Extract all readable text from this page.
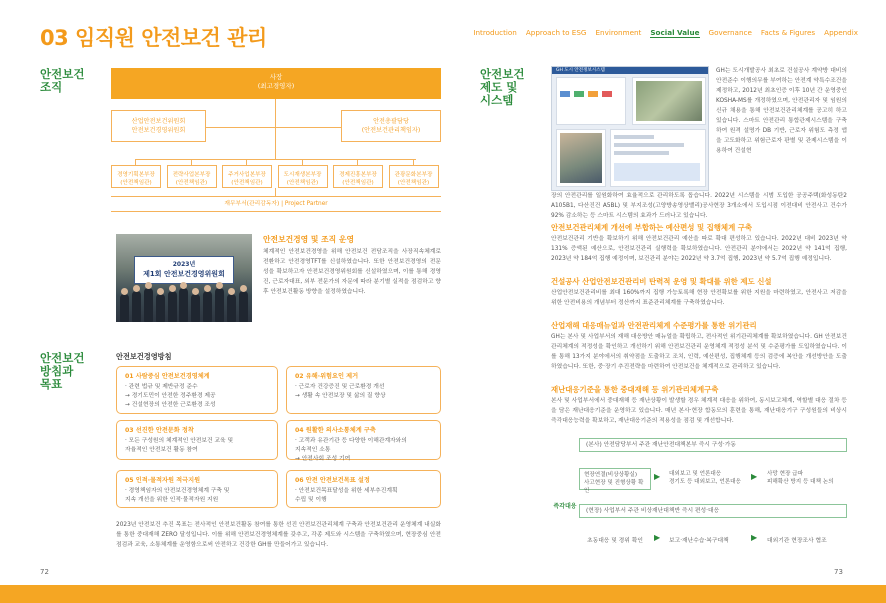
03 임직원 안전보건 관리	Introduction Approach to ESG Environment Social Value Governance Facts & Figures Appendix
안전보건
조직
사장
(최고경영자)
산업안전보건위원회
안전보건경영위원회
안전총괄담당
(안전보건관리책임자)
경영기획본부장
(안전책임관)
전략사업본부장
(안전책임관)
주거사업본부장
(안전책임관)
도시재생본부장
(안전책임관)
경제진흥본부장
(안전책임관)
관광문화본부장
(안전책임관)
재무부서(관리감독자) | Project Partner
2023년
제1회 안전보건경영위원회
안전보건경영 및 조직 운영
체계적인 안전보건경영을 위해 안전보건 전담조직을 사장직속체계로 전환하고 안전경영TFT를 신설하였습니다. 또한 안전보건경영의 전문성을 확보하고자 안전보건경영위원회를 신설하였으며, 이를 통해 경영진, 근로자대표, 외부 전문가의 자문에 따라 분기별 실적을 점검하고 향후 안전보건활동 방향을 설정하였습니다.
안전보건
방침과
목표
안전보건경영방침
01 사람중심 안전보건경영체계
· 관련 법규 및 제반규정 준수
→ 경기도민이 안전한 정주환경 제공
→ 건설현장의 안전한 근로환경 조성
02 유해·위험요인 제거
· 근로자 건강증진 및 근로환경 개선
→ 생활 속 안전보장 및 삶의 질 향상
03 선진한 안전문화 정착
· 모든 구성원의 체계적인 안전보건 교육 및
자율적인 안전보건 활동 참여
04 원활한 의사소통체계 구축
· 고객과 유관기관 등 다양한 이해관계자와의
지속적인 소통
→ 안전사회 조성 기여
05 인적·물적자원 적극지원
· 경영책임자의 안전보건경영체계 구축 및
지속 개선을 위한 인적·물적자원 지원
06 안전 안전보건목표 설정
· 안전보건목표달성을 위한 세부추진계획
수립 및 이행
2023년 안전보건 추진 목표는 전사적인 안전보건활동 참여를 통한 선진 안전보건관리체계 구축과 안전보건관리 운영체계 내실화를 통한 중대재해 ZERO 달성입니다. 이를 위해 안전보건경영체계를 갖추고, 각종 제도와 시스템을 구축하였으며, 현장중심 안전 점검과 교육, 소통체계를 운영함으로써 안전하고 건강한 GH를 만들어가고 있습니다.
72
안전보건
제도 및
시스템
GH 도시 안전정보시스템	GH는 도시개발공사 최초로 건설공사 계약방 대비의 안전준수 이행의무를 부여하는 안전계 약특수조건을 제정하고, 2012년 최초인증 이후 10년 간 운영중인 KOSHA-MS를 개정하였으며, 안전관리자 및 임원의 신규 채용을 통해 안전보건관리체계를 공고히 하고 있습니다. 스마트 안전관리 통합관제시스템을 구축하여 원격 설명가 DB 기반, 근로자 위험도 측정 앱을 고도화하고 위험근로자 판별 및 관제시스템을 이용하여 건설현
장의 안전관리를 일원화하여 효율적으로 관리하도록 돕습니다. 2022년 시스템을 시범 도입한 공공주택(화성동탄2 A105B1, 다산진건 A5BL) 및 부지조성(고양방송영상밸리)공사현장 3개소에서 도입시점 이전대비 안전사고 건수가 92% 감소하는 등 스마트 시스템의 효과가 드러나고 있습니다.
안전보건관리체계 개선에 부합하는 예산편성 및 집행체계 구축
안전보건관리 기반을 확보하기 위해 안전보건관리 예산을 따로 확대 편성하고 있습니다. 2022년 대비 2023년 약 131% 증액된 예산으로, 안전보건관리 실행력을 확보하였습니다. 안전관리 분야에서는 2022년 약 141억 집행, 2023년 약 184억 집행 예정이며, 보건관리 분야는 2022년 약 3.7억 집행, 2023년 약 5.7억 집행 예정입니다.
건설공사 산업안전보건관리비 탄력적 운영 및 확대를 위한 제도 신설
산업안전보건관리비를 최대 160%까지 집행 가능토록해 현장 안전확보를 위한 지원을 마련하였고, 안전사고 저감을 위한 안전비용의 개념부터 정산까지 표준관리체계를 구축하였습니다.
산업재해 대응매뉴얼과 안전관리체계 수준평가를 통한 위기관리
GH는 본사 및 사업부서의 재해 대응방안 매뉴얼을 확립하고, 전사적인 위기관리체계를 확보하였습니다. GH 안전보건관리체계의 적정성을 확인하고 개선하기 위해 안전보건관리 운영체계 적정성 분석 및 수준평가를 도입하였습니다. 이를 통해 13가지 분야에서의 취약점을 도출하고 조치, 인력, 예산편성, 집행체계 등의 검증에 복안을 개선방안을 도출하였습니다. 또한, 중·장기 추진전략을 마련하여 안전보건을 체계적으로 관리하고 있습니다.
재난대응기준을 통한 중대재해 등 위기관리체계구축
본사 및 사업부서에서 중대재해 등 재난상황이 발생할 경우 체계적 대응을 위하여, 동시보고체계, 역할별 대응 절차 등을 담은 재난대응기준을 운영하고 있습니다. 매년 본사·현장 합동모의 훈련을 통해, 재난대응기구 구성원들의 비상시 즉각대응능력을 확보하고, 재난대응기준의 적용성을 점검 및 개선합니다.
(본사) 안전담당부서 주관 재난안전대책본부 즉시 구성·가동
즉각대응
현장연결(비상상황실)
사고현장 및 진형상황 확인
▶	대외보고 및 언론대응
경기도 등 대외보고, 언론대응
▶	사망 현장 급파
피해확산 방지 등 대책 논의
(현장) 사업부서 주관 비상재난대책반 즉시 편성·대응
초동대응 및 경위 확인 ▶ 보고·재난수습·복구대책	▶ 대외기관 현장조사 협조
73
